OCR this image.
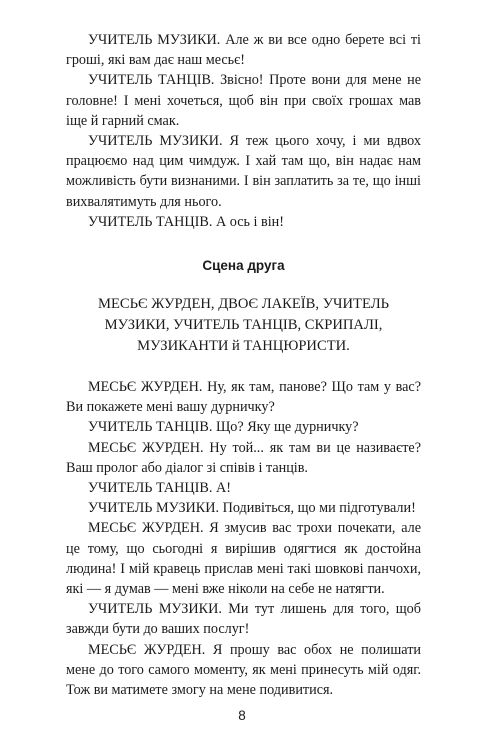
УЧИТЕЛЬ МУЗИКИ. Але ж ви все одно берете всі ті гроші, які вам дає наш месьє!

УЧИТЕЛЬ ТАНЦІВ. Звісно! Проте вони для мене не головне! І мені хочеться, щоб він при своїх грошах мав іще й гарний смак.

УЧИТЕЛЬ МУЗИКИ. Я теж цього хочу, і ми вдвох працюємо над цим чимдуж. І хай там що, він надає нам можливість бути визнаними. І він заплатить за те, що інші вихвалятимуть для нього.

УЧИТЕЛЬ ТАНЦІВ. А ось і він!

Сцена друга

МЕСЬЄ ЖУРДЕН, ДВОЄ ЛАКЕЇВ, УЧИТЕЛЬ МУЗИКИ, УЧИТЕЛЬ ТАНЦІВ, СКРИПАЛІ, МУЗИКАНТИ й ТАНЦЮРИСТИ.

МЕСЬЄ ЖУРДЕН. Ну, як там, панове? Що там у вас? Ви покажете мені вашу дурничку?

УЧИТЕЛЬ ТАНЦІВ. Що? Яку ще дурничку?

МЕСЬЄ ЖУРДЕН. Ну той... як там ви це називаєте? Ваш пролог або діалог зі співів і танців.

УЧИТЕЛЬ ТАНЦІВ. А!

УЧИТЕЛЬ МУЗИКИ. Подивіться, що ми підготували!

МЕСЬЄ ЖУРДЕН. Я змусив вас трохи почекати, але це тому, що сьогодні я вирішив одягтися як достойна людина! І мій кравець прислав мені такі шовкові панчохи, які — я думав — мені вже ніколи на себе не натягти.

УЧИТЕЛЬ МУЗИКИ. Ми тут лишень для того, щоб завжди бути до ваших послуг!

МЕСЬЄ ЖУРДЕН. Я прошу вас обох не полишати мене до того самого моменту, як мені принесуть мій одяг. Тож ви матимете змогу на мене подивитися.

8
